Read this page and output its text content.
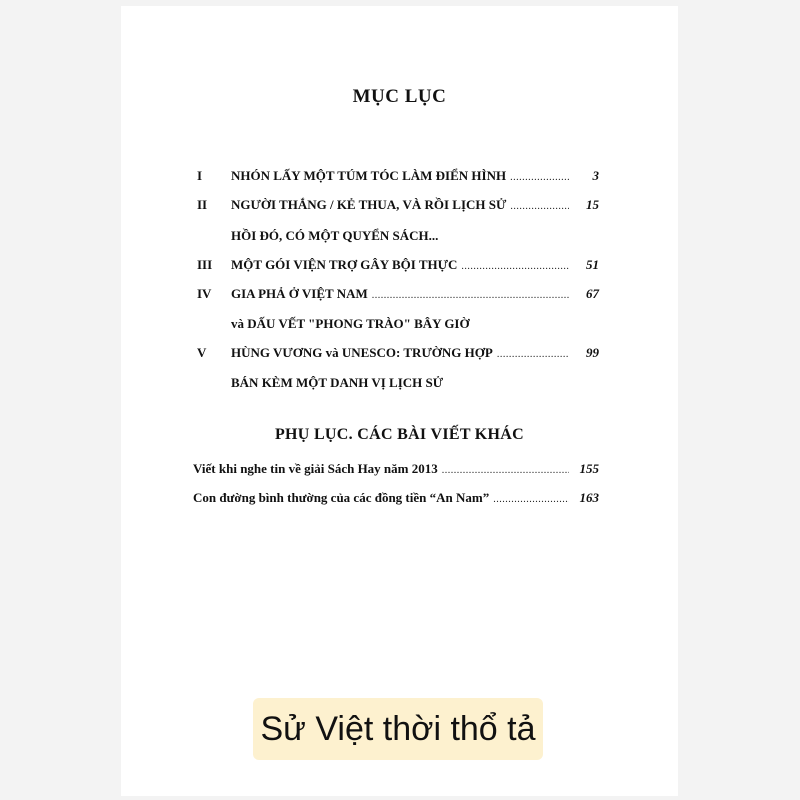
MỤC LỤC
I	NHÓN LẤY MỘT TÚM TÓC LÀM ĐIỂN HÌNH .....	3
II	NGƯỜI THẮNG / KẺ THUA, VÀ RỒI LỊCH SỬ .....	15
HỒI ĐÓ, CÓ MỘT QUYỂN SÁCH...
III	MỘT GÓI VIỆN TRỢ GÂY BỘI THỰC .....	51
IV	GIA PHẢ Ở VIỆT NAM .....	67
và DẤU VẾT "PHONG TRÀO" BÂY GIỜ
V	HÙNG VƯƠNG và UNESCO: TRƯỜNG HỢP .....	99
BÁN KÈM MỘT DANH VỊ LỊCH SỬ
PHỤ LỤC. CÁC BÀI VIẾT KHÁC
Viết khi nghe tin về giải Sách Hay năm 2013 .....	155
Con đường bình thường của các đồng tiền “An Nam” .....	163
Sử Việt thời thổ tả
